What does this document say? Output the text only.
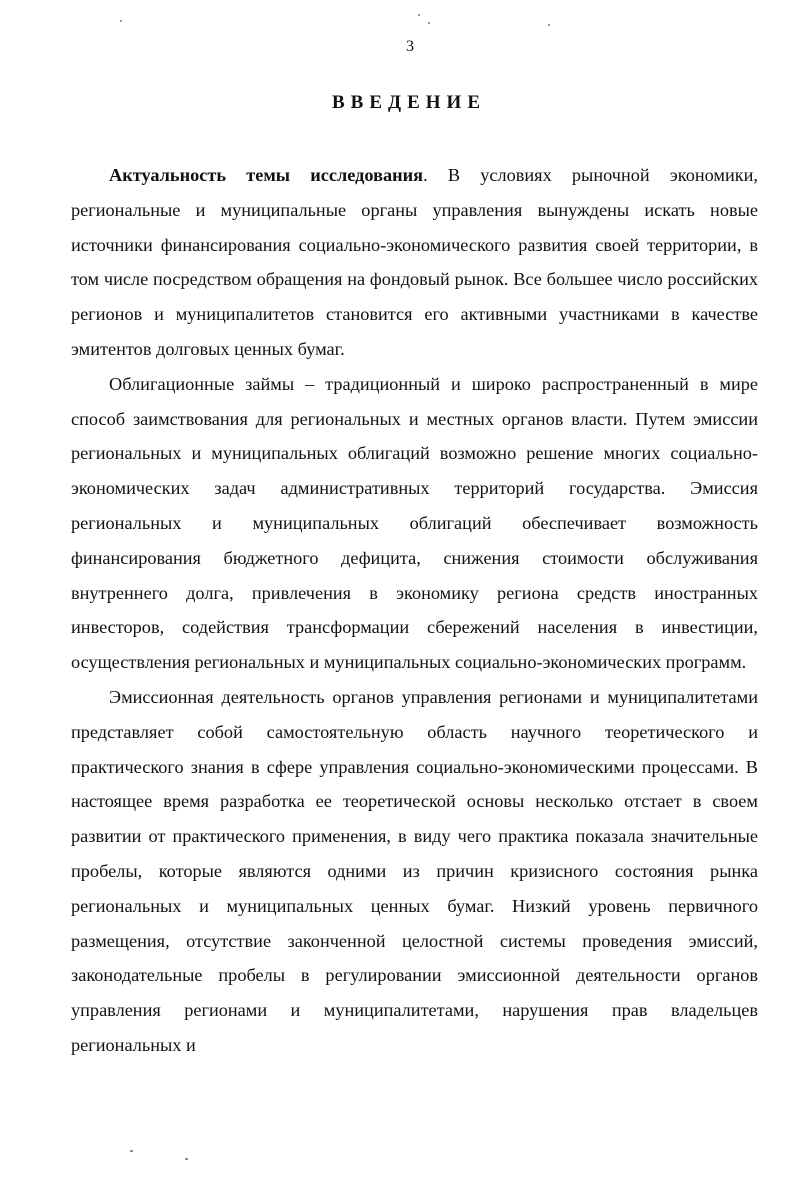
3
ВВЕДЕНИЕ

Актуальность темы исследования. В условиях рыночной экономики, региональные и муниципальные органы управления вынуждены искать новые источники финансирования социально-экономического развития своей территории, в том числе посредством обращения на фондовый рынок. Все большее число российских регионов и муниципалитетов становится его активными участниками в качестве эмитентов долговых ценных бумаг.

Облигационные займы – традиционный и широко распространенный в мире способ заимствования для региональных и местных органов власти. Путем эмиссии региональных и муниципальных облигаций возможно решение многих социально-экономических задач административных территорий государства. Эмиссия региональных и муниципальных облигаций обеспечивает возможность финансирования бюджетного дефицита, снижения стоимости обслуживания внутреннего долга, привлечения в экономику региона средств иностранных инвесторов, содействия трансформации сбережений населения в инвестиции, осуществления региональных и муниципальных социально-экономических программ.

Эмиссионная деятельность органов управления регионами и муниципалитетами представляет собой самостоятельную область научного теоретического и практического знания в сфере управления социально-экономическими процессами. В настоящее время разработка ее теоретической основы несколько отстает в своем развитии от практического применения, в виду чего практика показала значительные пробелы, которые являются одними из причин кризисного состояния рынка региональных и муниципальных ценных бумаг. Низкий уровень первичного размещения, отсутствие законченной целостной системы проведения эмиссий, законодательные пробелы в регулировании эмиссионной деятельности органов управления регионами и муниципалитетами, нарушения прав владельцев региональных и
